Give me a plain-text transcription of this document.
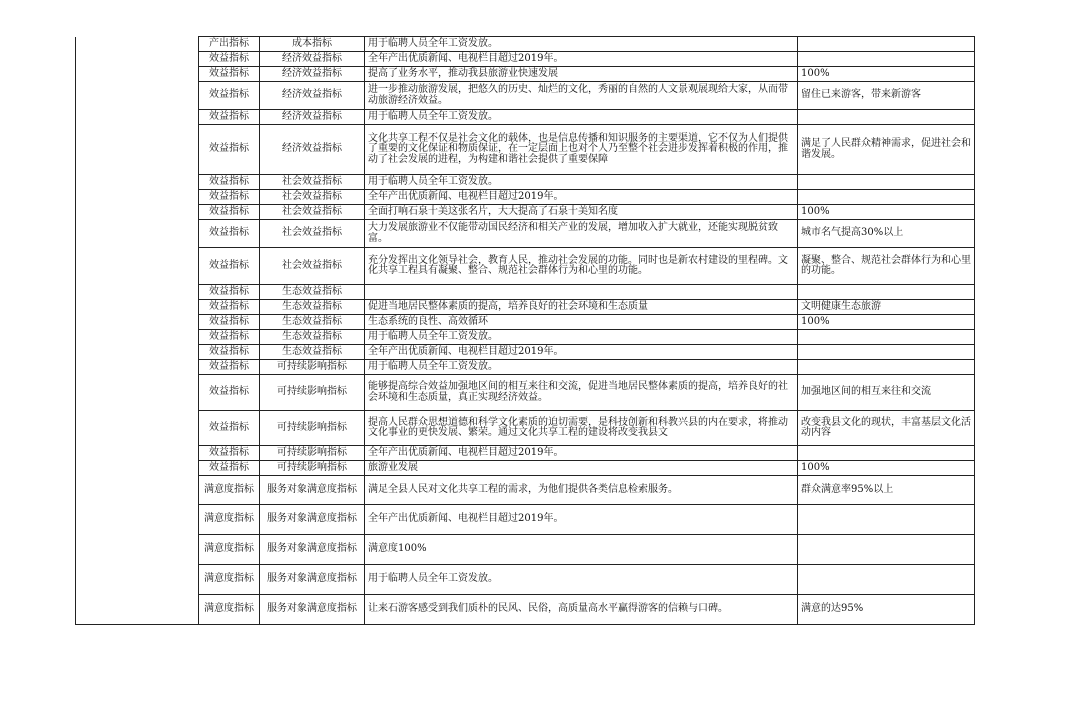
	产出指标	成本指标	用于临聘人员全年工资发放。	
	效益指标	经济效益指标	全年产出优质新闻、电视栏目超过2019年。	
	效益指标	经济效益指标	提高了业务水平，推动我县旅游业快速发展	100%
	效益指标	经济效益指标	进一步推动旅游发展，把悠久的历史、灿烂的文化，秀丽的自然的人文景观展现给大家，从而带动旅游经济效益。	留住已来游客，带来新游客
	效益指标	经济效益指标	用于临聘人员全年工资发放。	
	效益指标	经济效益指标	文化共享工程不仅是社会文化的载体，也是信息传播和知识服务的主要渠道，它不仅为人们提供了重要的文化保证和物质保证，在一定层面上也对个人乃至整个社会进步发挥着积极的作用，推动了社会发展的进程，为构建和谐社会提供了重要保障	满足了人民群众精神需求，促进社会和谐发展。
	效益指标	社会效益指标	用于临聘人员全年工资发放。	
	效益指标	社会效益指标	全年产出优质新闻、电视栏目超过2019年。	
	效益指标	社会效益指标	全面打响石泉十美这张名片，大大提高了石泉十美知名度	100%
	效益指标	社会效益指标	大力发展旅游业不仅能带动国民经济和相关产业的发展，增加收入扩大就业，还能实现脱贫致富。	城市名气提高30%以上
	效益指标	社会效益指标	充分发挥出文化领导社会，教育人民，推动社会发展的功能。同时也是新农村建设的里程碑。文化共享工程具有凝聚、整合、规范社会群体行为和心里的功能。	凝聚、整合、规范社会群体行为和心里的功能。
	效益指标	生态效益指标		
	效益指标	生态效益指标	促进当地居民整体素质的提高，培养良好的社会环境和生态质量	文明健康生态旅游
	效益指标	生态效益指标	生态系统的良性、高效循环	100%
	效益指标	生态效益指标	用于临聘人员全年工资发放。	
	效益指标	生态效益指标	全年产出优质新闻、电视栏目超过2019年。	
	效益指标	可持续影响指标	用于临聘人员全年工资发放。	
	效益指标	可持续影响指标	能够提高综合效益加强地区间的相互来往和交流，促进当地居民整体素质的提高，培养良好的社会环境和生态质量，真正实现经济效益。	加强地区间的相互来往和交流
	效益指标	可持续影响指标	提高人民群众思想道德和科学文化素质的迫切需要，是科技创新和科教兴县的内在要求，将推动文化事业的更快发展、繁荣。通过文化共享工程的建设将改变我县文	改变我县文化的现状，丰富基层文化活动内容
	效益指标	可持续影响指标	全年产出优质新闻、电视栏目超过2019年。	
	效益指标	可持续影响指标	旅游业发展	100%
	满意度指标	服务对象满意度指标	满足全县人民对文化共享工程的需求，为他们提供各类信息检索服务。	群众满意率95%以上
	满意度指标	服务对象满意度指标	全年产出优质新闻、电视栏目超过2019年。	
	满意度指标	服务对象满意度指标	满意度100%	
	满意度指标	服务对象满意度指标	用于临聘人员全年工资发放。	
	满意度指标	服务对象满意度指标	让来石游客感受到我们质朴的民风、民俗，高质量高水平赢得游客的信赖与口碑。	满意的达95%
